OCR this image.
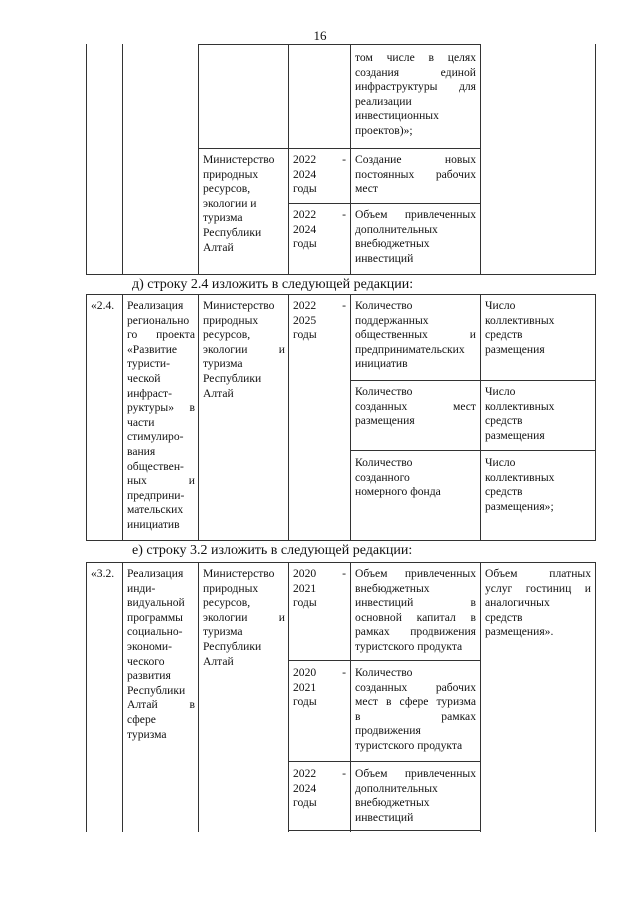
16
том числе в целях
создания единой
инфраструктуры для
реализации
инвестиционных
проектов)»;
Министерство
природных
ресурсов,
экологии и
туризма
Республики
Алтай
2022 -
2024
годы
Создание новых
постоянных рабочих
мест
2022 -
2024
годы
Объем привлеченных
дополнительных
внебюджетных
инвестиций
д) строку 2.4 изложить в следующей редакции:
«2.4.	Реализация
регионально
го проекта
«Развитие
туристи-
ческой
инфраст-
руктуры» в
части
стимулиро-
вания
обществен-
ных и
предприни-
мательских
инициатив
Министерство
природных
ресурсов,
экологии и
туризма
Республики
Алтай
2022 -
2025
годы
Количество
поддержанных
общественных и
предпринимательских
инициатив
Число
коллективных
средств
размещения
Количество
созданных мест
размещения
Число
коллективных
средств
размещения
Количество
созданного
номерного фонда
Число
коллективных
средств
размещения»;
е) строку 3.2 изложить в следующей редакции:
«3.2.	Реализация
инди-
видуальной
программы
социально-
экономи-
ческого
развития
Республики
Алтай в
сфере
туризма
Министерство
природных
ресурсов,
экологии и
туризма
Республики
Алтай
Объем платных
услуг гостиниц и
аналогичных
средств
размещения».
2020 -
2021
годы
Объем привлеченных
внебюджетных
инвестиций в
основной капитал в
рамках продвижения
туристского продукта
2020 -
2021
годы
Количество
созданных рабочих
мест в сфере туризма
в рамках
продвижения
туристского продукта
2022 -
2024
годы
Объем привлеченных
дополнительных
внебюджетных
инвестиций
